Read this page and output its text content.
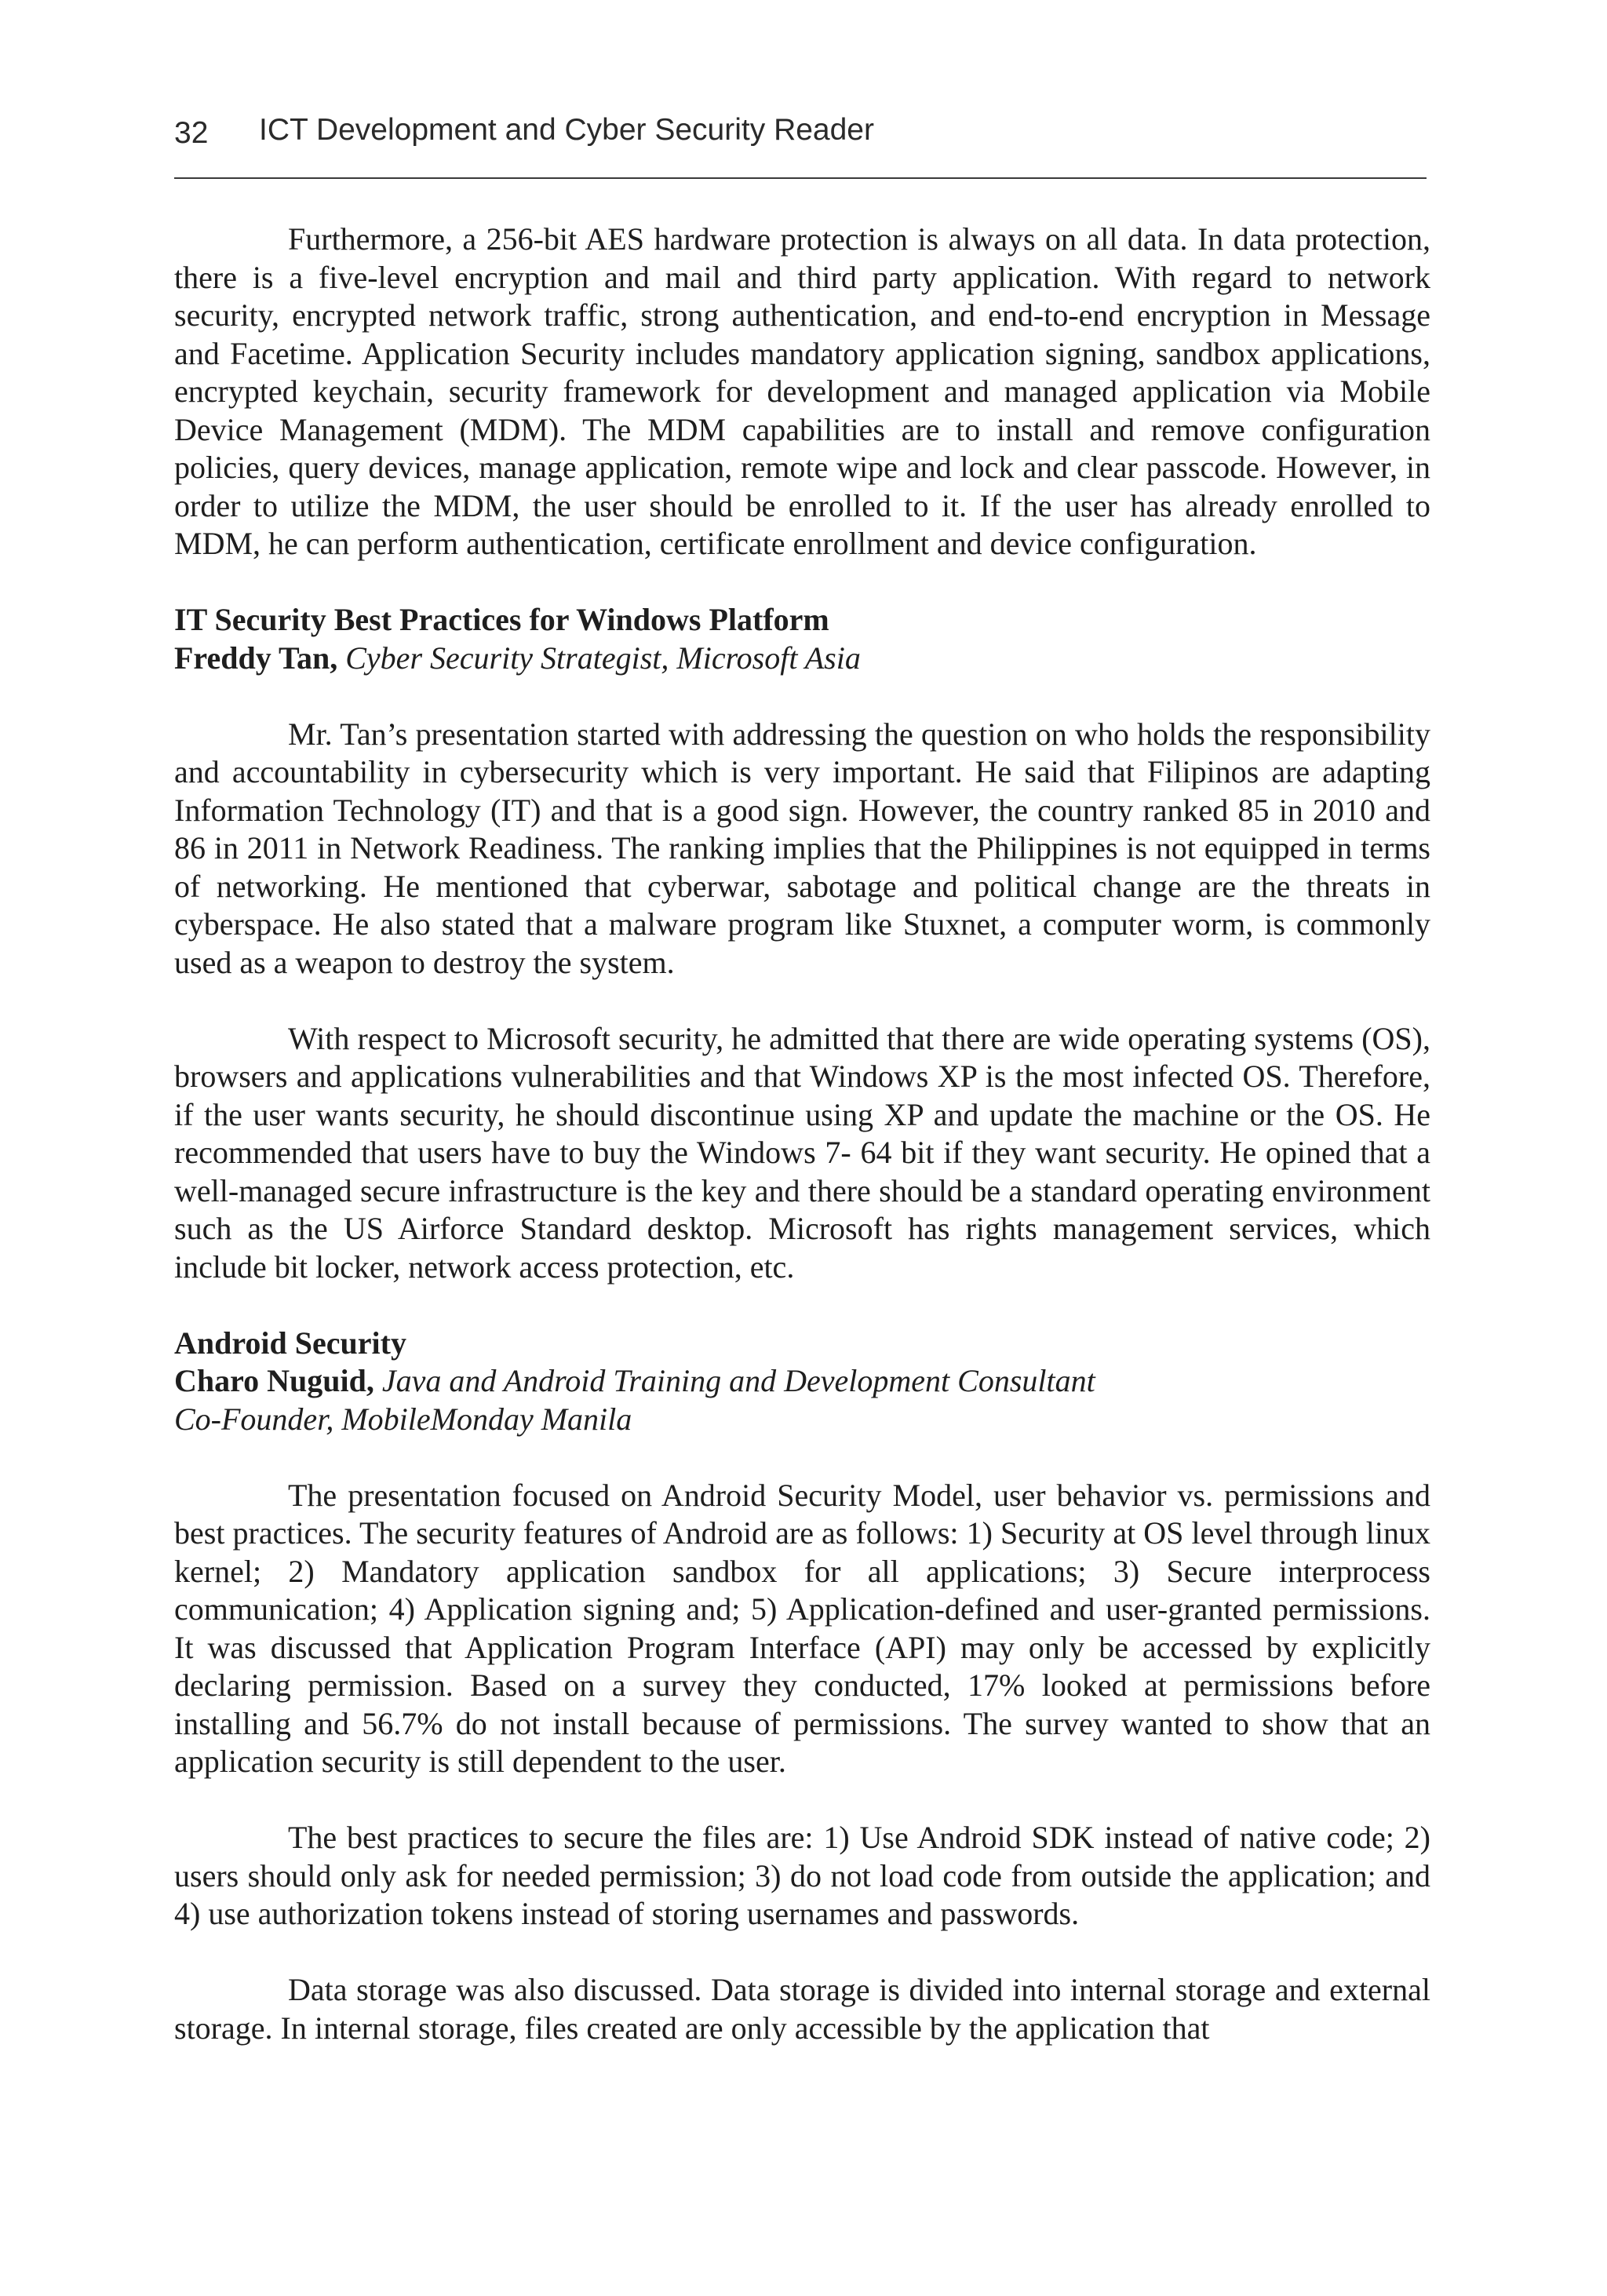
32 ICT Development and Cyber Security Reader

Furthermore, a 256-bit AES hardware protection is always on all data. In data protection, there is a five-level encryption and mail and third party application. With regard to network security, encrypted network traffic, strong authentication, and end-to-end encryption in Message and Facetime. Application Security includes mandatory application signing, sandbox applications, encrypted keychain, security framework for development and managed application via Mobile Device Management (MDM). The MDM capabilities are to install and remove configuration policies, query devices, manage application, remote wipe and lock and clear passcode. However, in order to utilize the MDM, the user should be enrolled to it. If the user has already enrolled to MDM, he can perform authentication, certificate enrollment and device configuration.

IT Security Best Practices for Windows Platform
Freddy Tan, Cyber Security Strategist, Microsoft Asia

Mr. Tan’s presentation started with addressing the question on who holds the responsibility and accountability in cybersecurity which is very important. He said that Filipinos are adapting Information Technology (IT) and that is a good sign. However, the country ranked 85 in 2010 and 86 in 2011 in Network Readiness. The ranking implies that the Philippines is not equipped in terms of networking. He mentioned that cyberwar, sabotage and political change are the threats in cyberspace. He also stated that a malware program like Stuxnet, a computer worm, is commonly used as a weapon to destroy the system.

With respect to Microsoft security, he admitted that there are wide operating systems (OS), browsers and applications vulnerabilities and that Windows XP is the most infected OS. Therefore, if the user wants security, he should discontinue using XP and update the machine or the OS. He recommended that users have to buy the Windows 7- 64 bit if they want security. He opined that a well-managed secure infrastructure is the key and there should be a standard operating environment such as the US Airforce Standard desktop. Microsoft has rights management services, which include bit locker, network access protection, etc.

Android Security
Charo Nuguid, Java and Android Training and Development Consultant
Co-Founder, MobileMonday Manila

The presentation focused on Android Security Model, user behavior vs. permissions and best practices. The security features of Android are as follows: 1) Security at OS level through linux kernel; 2) Mandatory application sandbox for all applications; 3) Secure interprocess communication; 4) Application signing and; 5) Application-defined and user-granted permissions. It was discussed that Application Program Interface (API) may only be accessed by explicitly declaring permission. Based on a survey they conducted, 17% looked at permissions before installing and 56.7% do not install because of permissions. The survey wanted to show that an application security is still dependent to the user.

The best practices to secure the files are: 1) Use Android SDK instead of native code; 2) users should only ask for needed permission; 3) do not load code from outside the application; and 4) use authorization tokens instead of storing usernames and passwords.

Data storage was also discussed. Data storage is divided into internal storage and external storage. In internal storage, files created are only accessible by the application that
